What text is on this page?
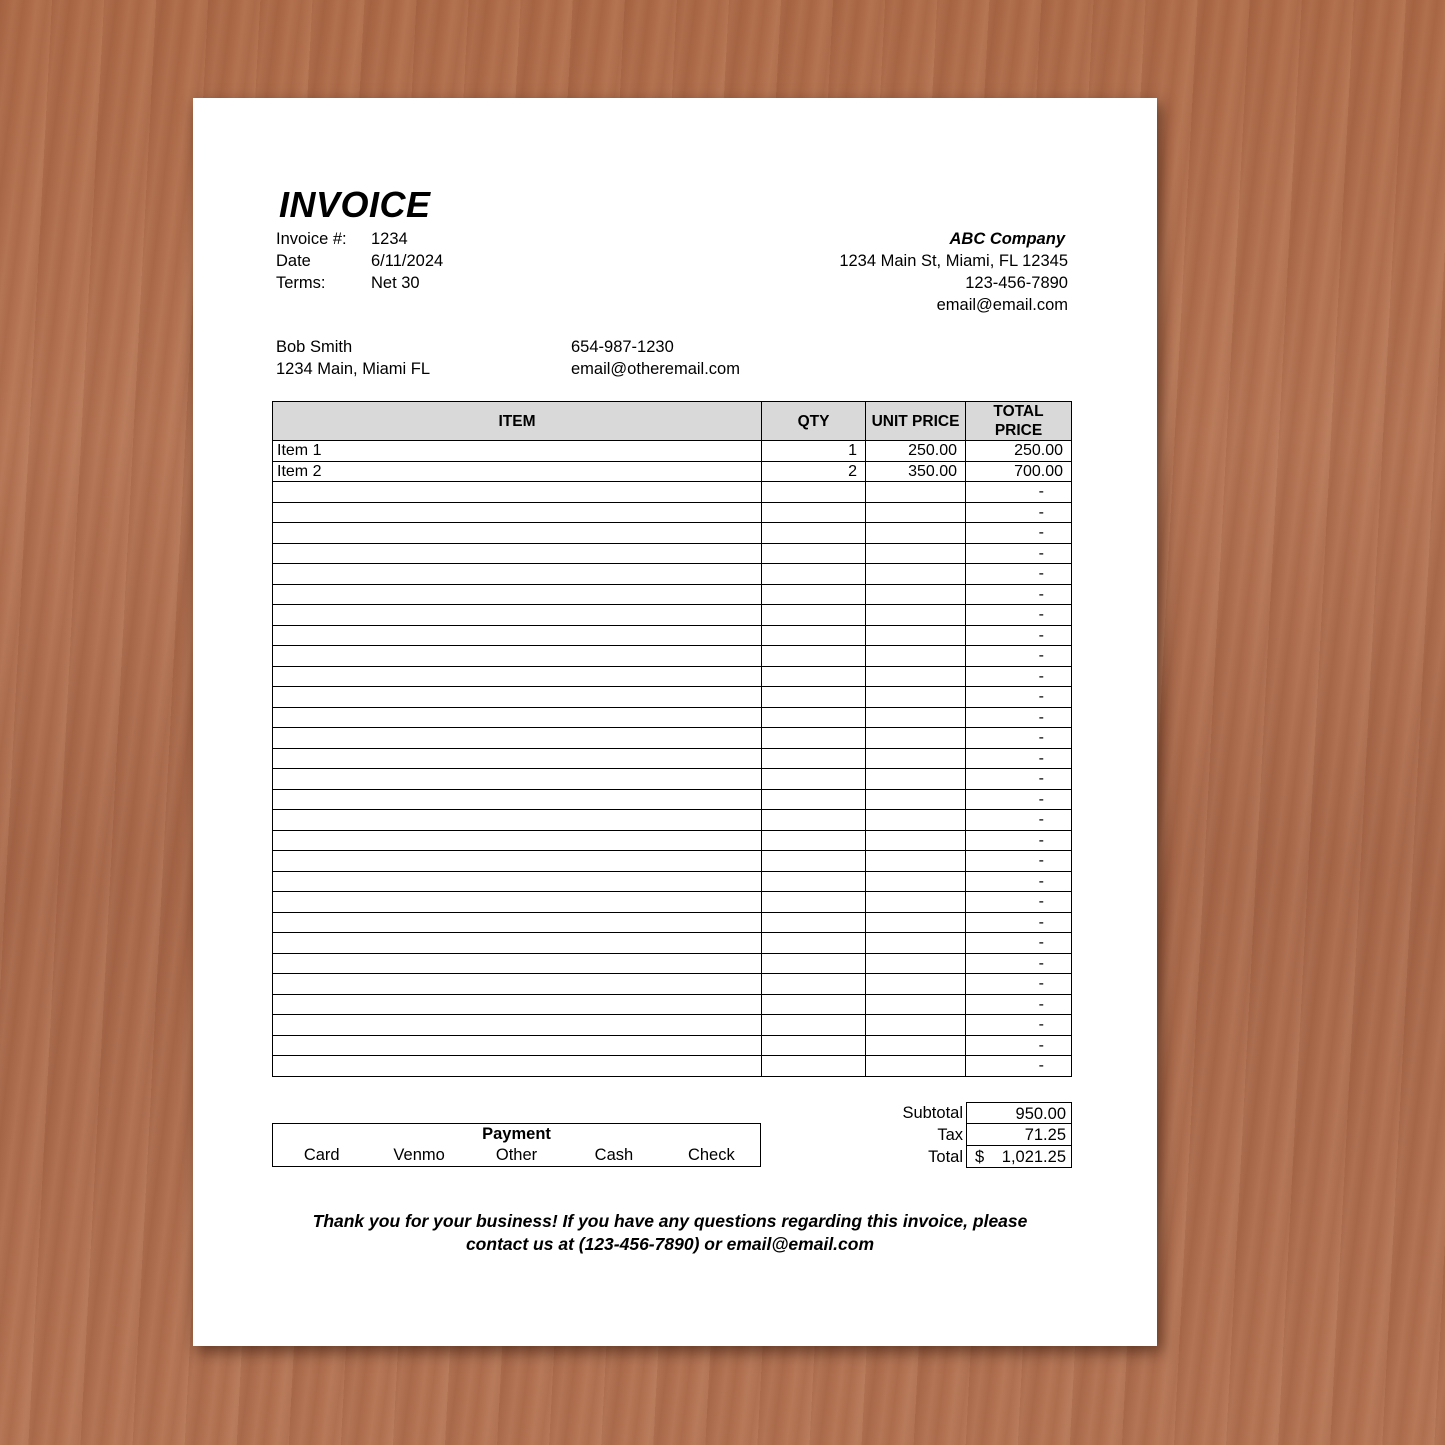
INVOICE
Invoice #:	1234
Date	6/11/2024
Terms:	Net 30
ABC Company
1234 Main St, Miami, FL 12345
123-456-7890
email@email.com
Bob Smith
1234 Main, Miami FL
654-987-1230
email@otheremail.com
ITEM	QTY	UNIT PRICE	TOTAL PRICE
Item 1	1	250.00	250.00
Item 2	2	350.00	700.00
			-
			-
			-
			-
			-
			-
			-
			-
			-
			-
			-
			-
			-
			-
			-
			-
			-
			-
			-
			-
			-
			-
			-
			-
			-
			-
			-
			-
			-
Subtotal	950.00
Tax	71.25
Total $ 1,021.25
Payment
Card	Venmo	Other	Cash	Check
Thank you for your business! If you have any questions regarding this invoice, please
contact us at (123-456-7890) or email@email.com
